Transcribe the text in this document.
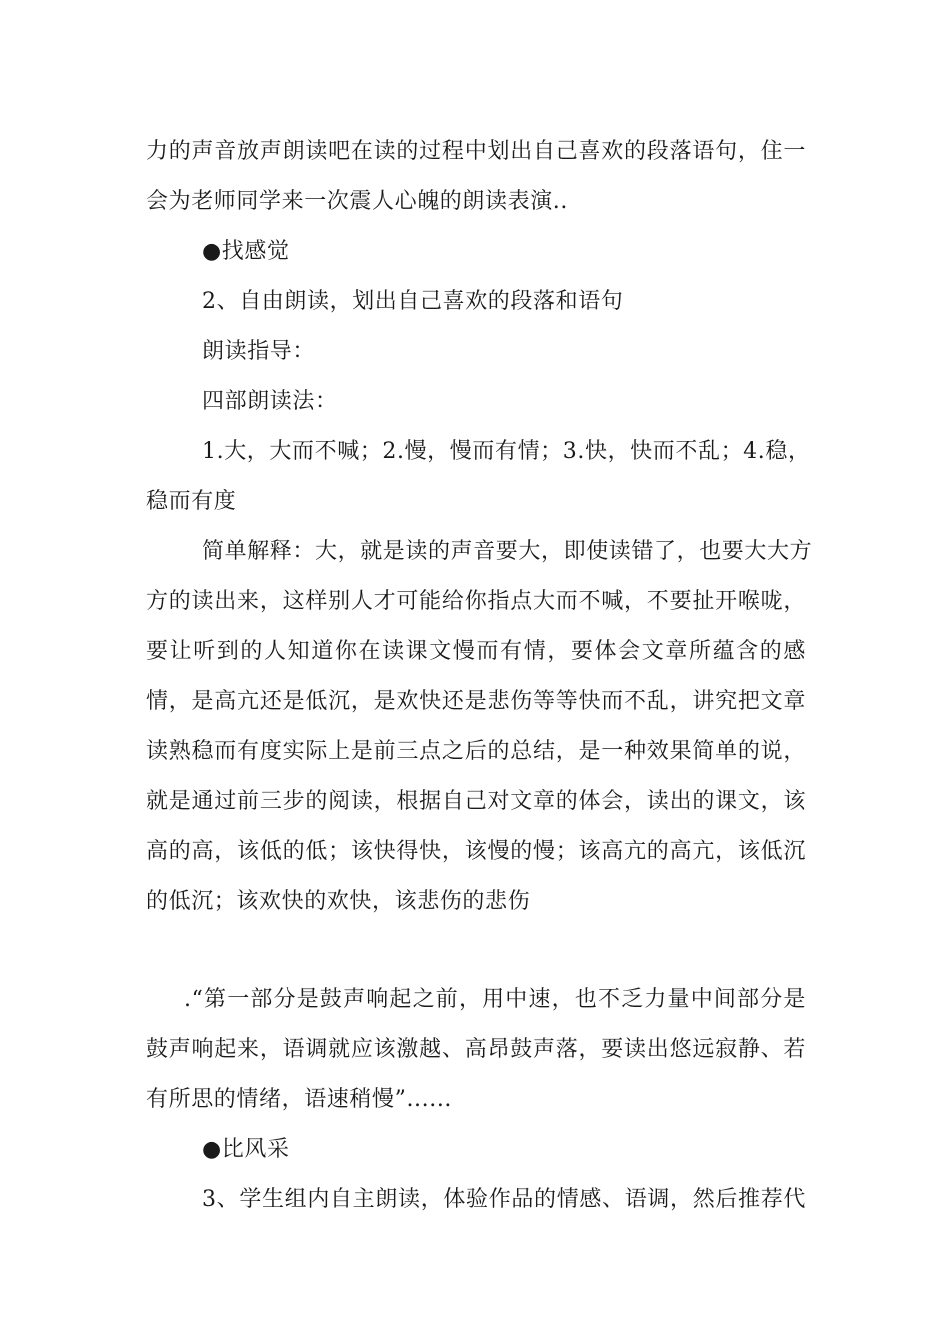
力的声音放声朗读吧在读的过程中划出自己喜欢的段落语句，住一
会为老师同学来一次震人心魄的朗读表演..
●找感觉
2、自由朗读，划出自己喜欢的段落和语句
朗读指导：
四部朗读法：
1.大，大而不喊；2.慢，慢而有情；3.快，快而不乱；4.稳，
稳而有度
简单解释：大，就是读的声音要大，即使读错了，也要大大方
方的读出来，这样别人才可能给你指点大而不喊，不要扯开喉咙，
要让听到的人知道你在读课文慢而有情，要体会文章所蕴含的感
情，是高亢还是低沉，是欢快还是悲伤等等快而不乱，讲究把文章
读熟稳而有度实际上是前三点之后的总结，是一种效果简单的说，
就是通过前三步的阅读，根据自己对文章的体会，读出的课文，该
高的高，该低的低；该快得快，该慢的慢；该高亢的高亢，该低沉
的低沉；该欢快的欢快，该悲伤的悲伤
.“第一部分是鼓声响起之前，用中速，也不乏力量中间部分是
鼓声响起来，语调就应该激越、高昂鼓声落，要读出悠远寂静、若
有所思的情绪，语速稍慢”......
●比风采
3、学生组内自主朗读，体验作品的情感、语调，然后推荐代
